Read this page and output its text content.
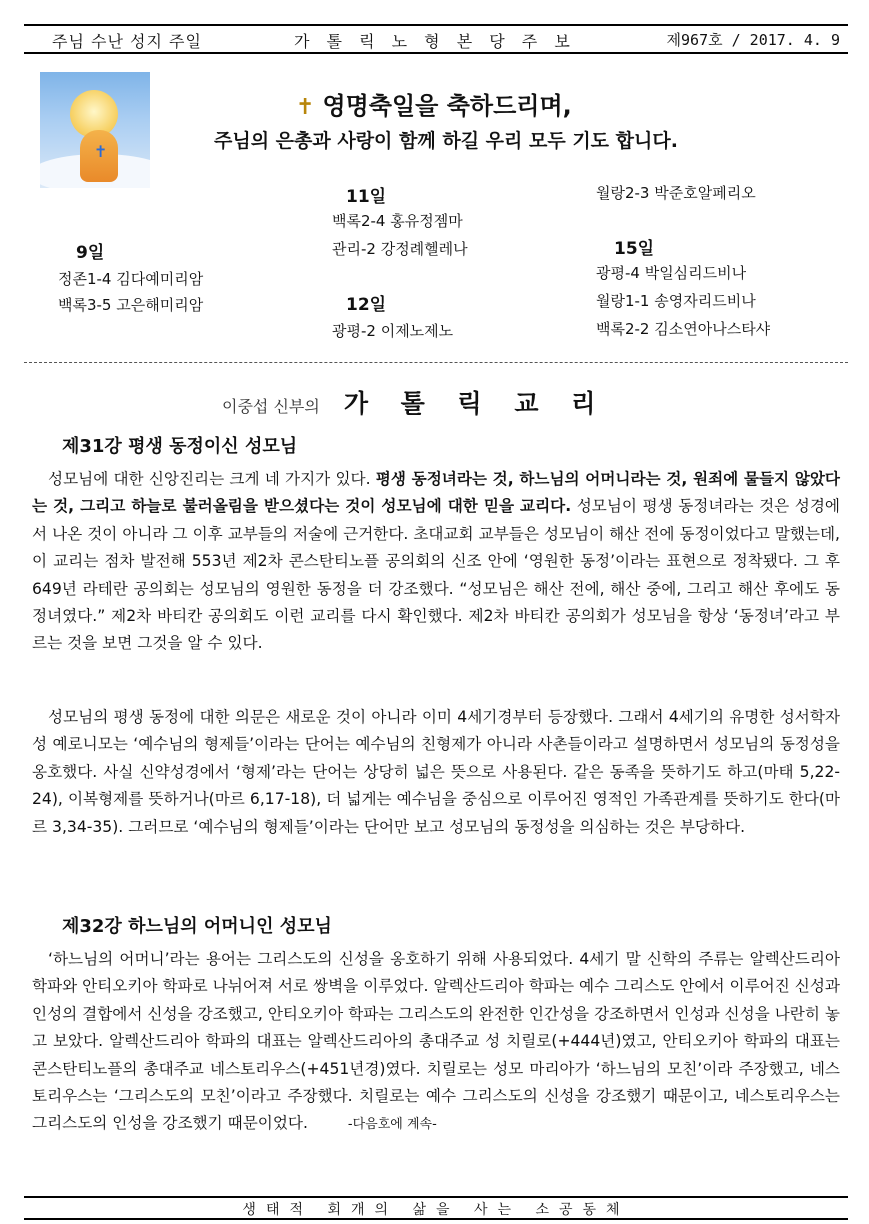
주님 수난 성지 주일	가 톨 릭 노 형 본 당 주 보	제967호 / 2017. 4. 9
✝
✝ 영명축일을 축하드리며,
주님의 은총과 사랑이 함께 하길 우리 모두 기도 합니다.
9일
정존1-4 김다예미리암
백록3-5 고은해미리암
11일
백록2-4 홍유정젬마
관리-2 강정례헬레나
12일
광평-2 이제노제노
월랑2-3 박준호알페리오
15일
광평-4 박일심리드비나
월랑1-1 송영자리드비나
백록2-2 김소연아나스타샤
이중섭 신부의 가 톨 릭 교 리
제31강 평생 동정이신 성모님
성모님에 대한 신앙진리는 크게 네 가지가 있다. 평생 동정녀라는 것, 하느님의 어머니라는 것, 원죄에 물들지 않았다는 것, 그리고 하늘로 불러올림을 받으셨다는 것이 성모님에 대한 믿을 교리다. 성모님이 평생 동정녀라는 것은 성경에서 나온 것이 아니라 그 이후 교부들의 저술에 근거한다. 초대교회 교부들은 성모님이 해산 전에 동정이었다고 말했는데, 이 교리는 점차 발전해 553년 제2차 콘스탄티노플 공의회의 신조 안에 ‘영원한 동정’이라는 표현으로 정착됐다. 그 후 649년 라테란 공의회는 성모님의 영원한 동정을 더 강조했다. “성모님은 해산 전에, 해산 중에, 그리고 해산 후에도 동정녀였다.” 제2차 바티칸 공의회도 이런 교리를 다시 확인했다. 제2차 바티칸 공의회가 성모님을 항상 ‘동정녀’라고 부르는 것을 보면 그것을 알 수 있다.
성모님의 평생 동정에 대한 의문은 새로운 것이 아니라 이미 4세기경부터 등장했다. 그래서 4세기의 유명한 성서학자 성 예로니모는 ‘예수님의 형제들’이라는 단어는 예수님의 친형제가 아니라 사촌들이라고 설명하면서 성모님의 동정성을 옹호했다. 사실 신약성경에서 ‘형제’라는 단어는 상당히 넓은 뜻으로 사용된다. 같은 동족을 뜻하기도 하고(마태 5,22-24), 이복형제를 뜻하거나(마르 6,17-18), 더 넓게는 예수님을 중심으로 이루어진 영적인 가족관계를 뜻하기도 한다(마르 3,34-35). 그러므로 ‘예수님의 형제들’이라는 단어만 보고 성모님의 동정성을 의심하는 것은 부당하다.
제32강 하느님의 어머니인 성모님
‘하느님의 어머니’라는 용어는 그리스도의 신성을 옹호하기 위해 사용되었다. 4세기 말 신학의 주류는 알렉산드리아 학파와 안티오키아 학파로 나뉘어져 서로 쌍벽을 이루었다. 알렉산드리아 학파는 예수 그리스도 안에서 이루어진 신성과 인성의 결합에서 신성을 강조했고, 안티오키아 학파는 그리스도의 완전한 인간성을 강조하면서 인성과 신성을 나란히 놓고 보았다. 알렉산드리아 학파의 대표는 알렉산드리아의 총대주교 성 치릴로(+444년)였고, 안티오키아 학파의 대표는 콘스탄티노플의 총대주교 네스토리우스(+451년경)였다. 치릴로는 성모 마리아가 ‘하느님의 모친’이라 주장했고, 네스토리우스는 ‘그리스도의 모친’이라고 주장했다. 치릴로는 예수 그리스도의 신성을 강조했기 때문이고, 네스토리우스는 그리스도의 인성을 강조했기 때문이었다.	-다음호에 계속-
생태적 회개의 삶을 사는 소공동체
